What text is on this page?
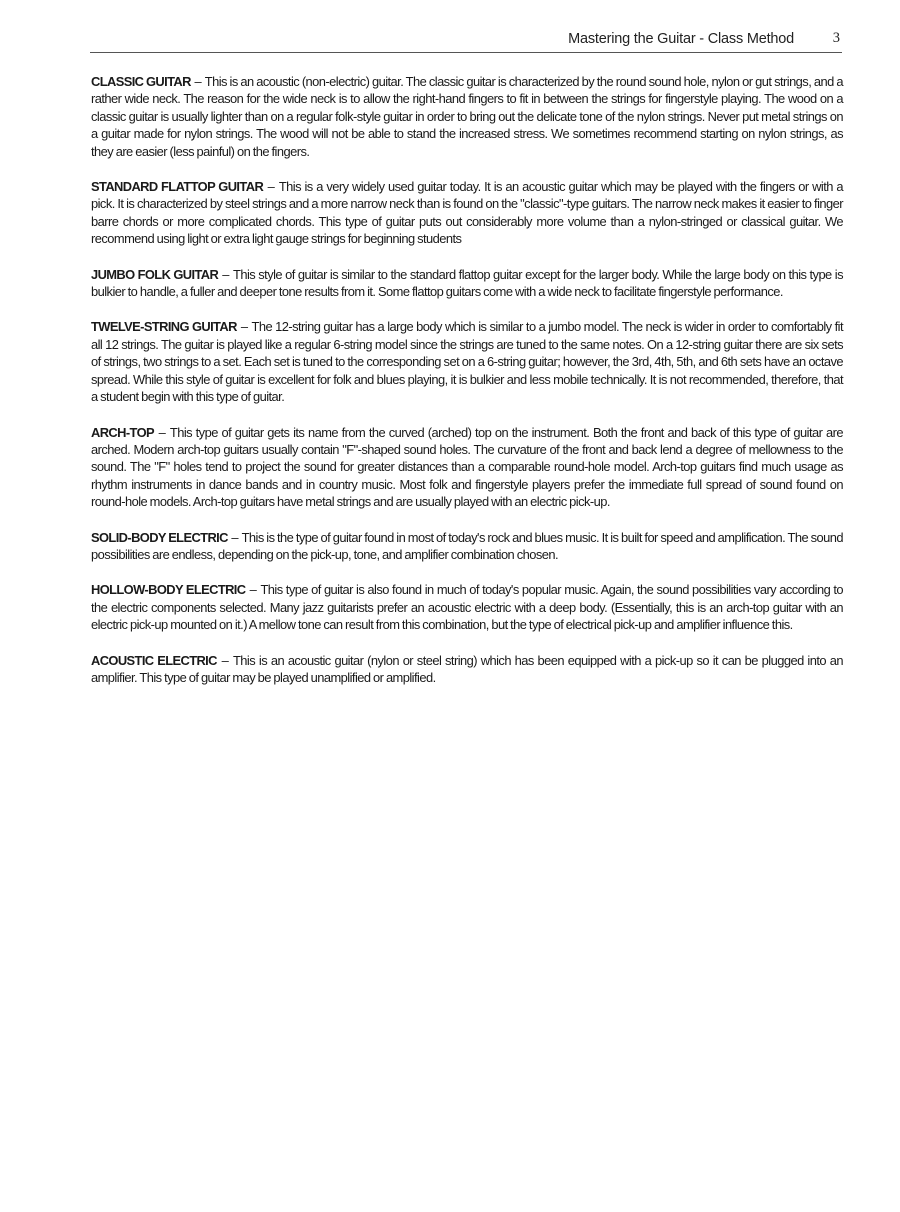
Mastering the Guitar - Class Method	3

CLASSIC GUITAR – This is an acoustic (non-electric) guitar. The classic guitar is characterized by the round sound hole, nylon or gut strings, and a rather wide neck. The reason for the wide neck is to allow the right-hand fingers to fit in between the strings for fingerstyle playing. The wood on a classic guitar is usually lighter than on a regular folk-style guitar in order to bring out the delicate tone of the nylon strings. Never put metal strings on a guitar made for nylon strings. The wood will not be able to stand the increased stress. We sometimes recommend starting on nylon strings, as they are easier (less painful) on the fingers.

STANDARD FLATTOP GUITAR – This is a very widely used guitar today. It is an acoustic guitar which may be played with the fingers or with a pick. It is characterized by steel strings and a more narrow neck than is found on the "classic"-type guitars. The narrow neck makes it easier to finger barre chords or more complicated chords. This type of guitar puts out considerably more volume than a nylon-stringed or classical guitar. We recommend using light or extra light gauge strings for beginning students

JUMBO FOLK GUITAR – This style of guitar is similar to the standard flattop guitar except for the larger body. While the large body on this type is bulkier to handle, a fuller and deeper tone results from it. Some flattop guitars come with a wide neck to facilitate fingerstyle performance.

TWELVE-STRING GUITAR – The 12-string guitar has a large body which is similar to a jumbo model. The neck is wider in order to comfortably fit all 12 strings. The guitar is played like a regular 6-string model since the strings are tuned to the same notes. On a 12-string guitar there are six sets of strings, two strings to a set. Each set is tuned to the corresponding set on a 6-string guitar; however, the 3rd, 4th, 5th, and 6th sets have an octave spread. While this style of guitar is excellent for folk and blues playing, it is bulkier and less mobile technically. It is not recommended, therefore, that a student begin with this type of guitar.

ARCH-TOP – This type of guitar gets its name from the curved (arched) top on the instrument. Both the front and back of this type of guitar are arched. Modern arch-top guitars usually contain "F"-shaped sound holes. The curvature of the front and back lend a degree of mellowness to the sound. The "F" holes tend to project the sound for greater distances than a comparable round-hole model. Arch-top guitars find much usage as rhythm instruments in dance bands and in country music. Most folk and fingerstyle players prefer the immediate full spread of sound found on round-hole models. Arch-top guitars have metal strings and are usually played with an electric pick-up.

SOLID-BODY ELECTRIC – This is the type of guitar found in most of today's rock and blues music. It is built for speed and amplification. The sound possibilities are endless, depending on the pick-up, tone, and amplifier combination chosen.

HOLLOW-BODY ELECTRIC – This type of guitar is also found in much of today's popular music. Again, the sound possibilities vary according to the electric components selected. Many jazz guitarists prefer an acoustic electric with a deep body. (Essentially, this is an arch-top guitar with an electric pick-up mounted on it.) A mellow tone can result from this combination, but the type of electrical pick-up and amplifier influence this.

ACOUSTIC ELECTRIC – This is an acoustic guitar (nylon or steel string) which has been equipped with a pick-up so it can be plugged into an amplifier. This type of guitar may be played unamplified or amplified.
